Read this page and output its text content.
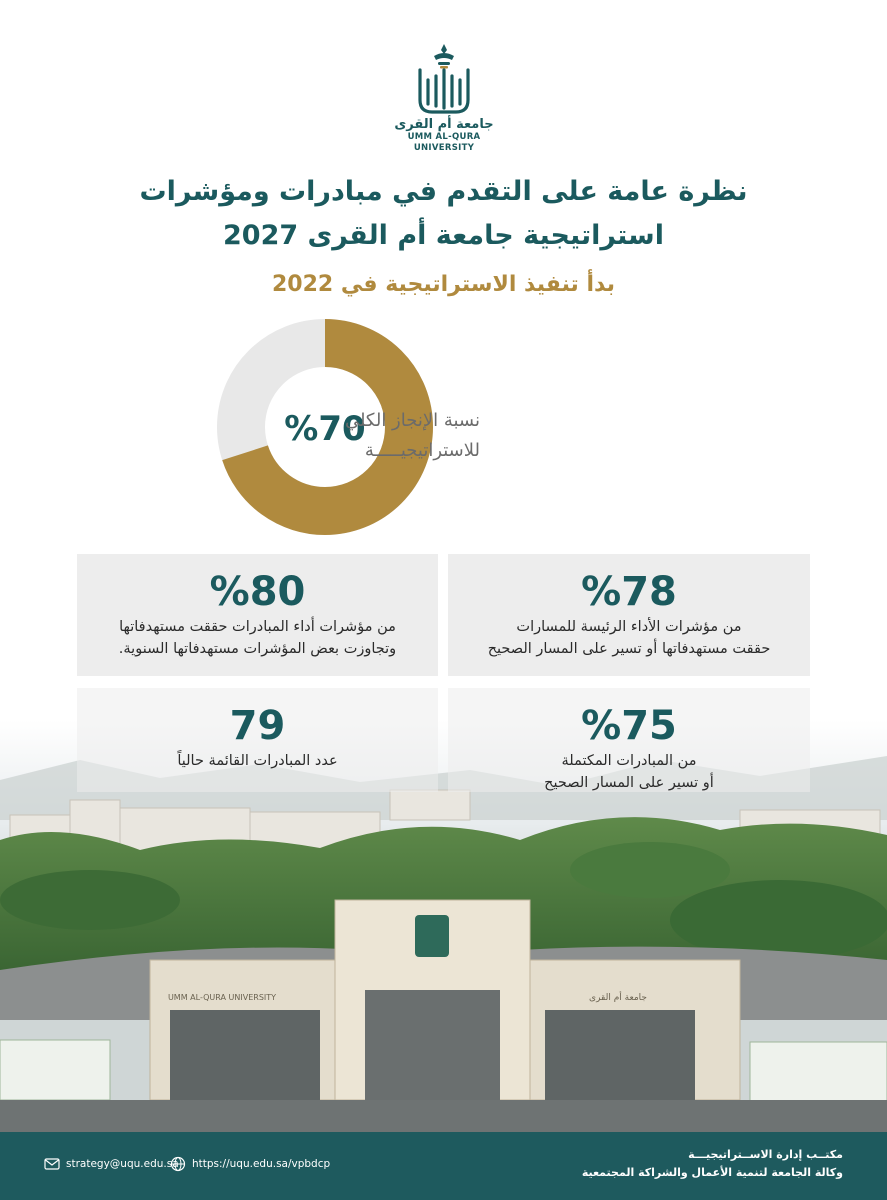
جامعة أم القرى
UMM AL-QURA UNIVERSITY
نظرة عامة على التقدم في مبادرات ومؤشرات
استراتيجية جامعة أم القرى 2027
بدأ تنفيذ الاستراتيجية في 2022
%70
نسبة الإنجاز الكلي
للاستراتيجيـــــة
UMM AL-QURA UNIVERSITY	جامعة أم القرى
%78
من مؤشرات الأداء الرئيسة للمسارات
حققت مستهدفاتها أو تسير على المسار الصحيح
%80
من مؤشرات أداء المبادرات حققت مستهدفاتها
وتجاوزت بعض المؤشرات مستهدفاتها السنوية.
%75
من المبادرات المكتملة
أو تسير على المسار الصحيح
79
عدد المبادرات القائمة حالياً
strategy@uqu.edu.sa https://uqu.edu.sa/vpbdcp
مكتــب إدارة الاســتراتيجيـــة
وكالة الجامعة لتنمية الأعمال والشراكة المجتمعية
